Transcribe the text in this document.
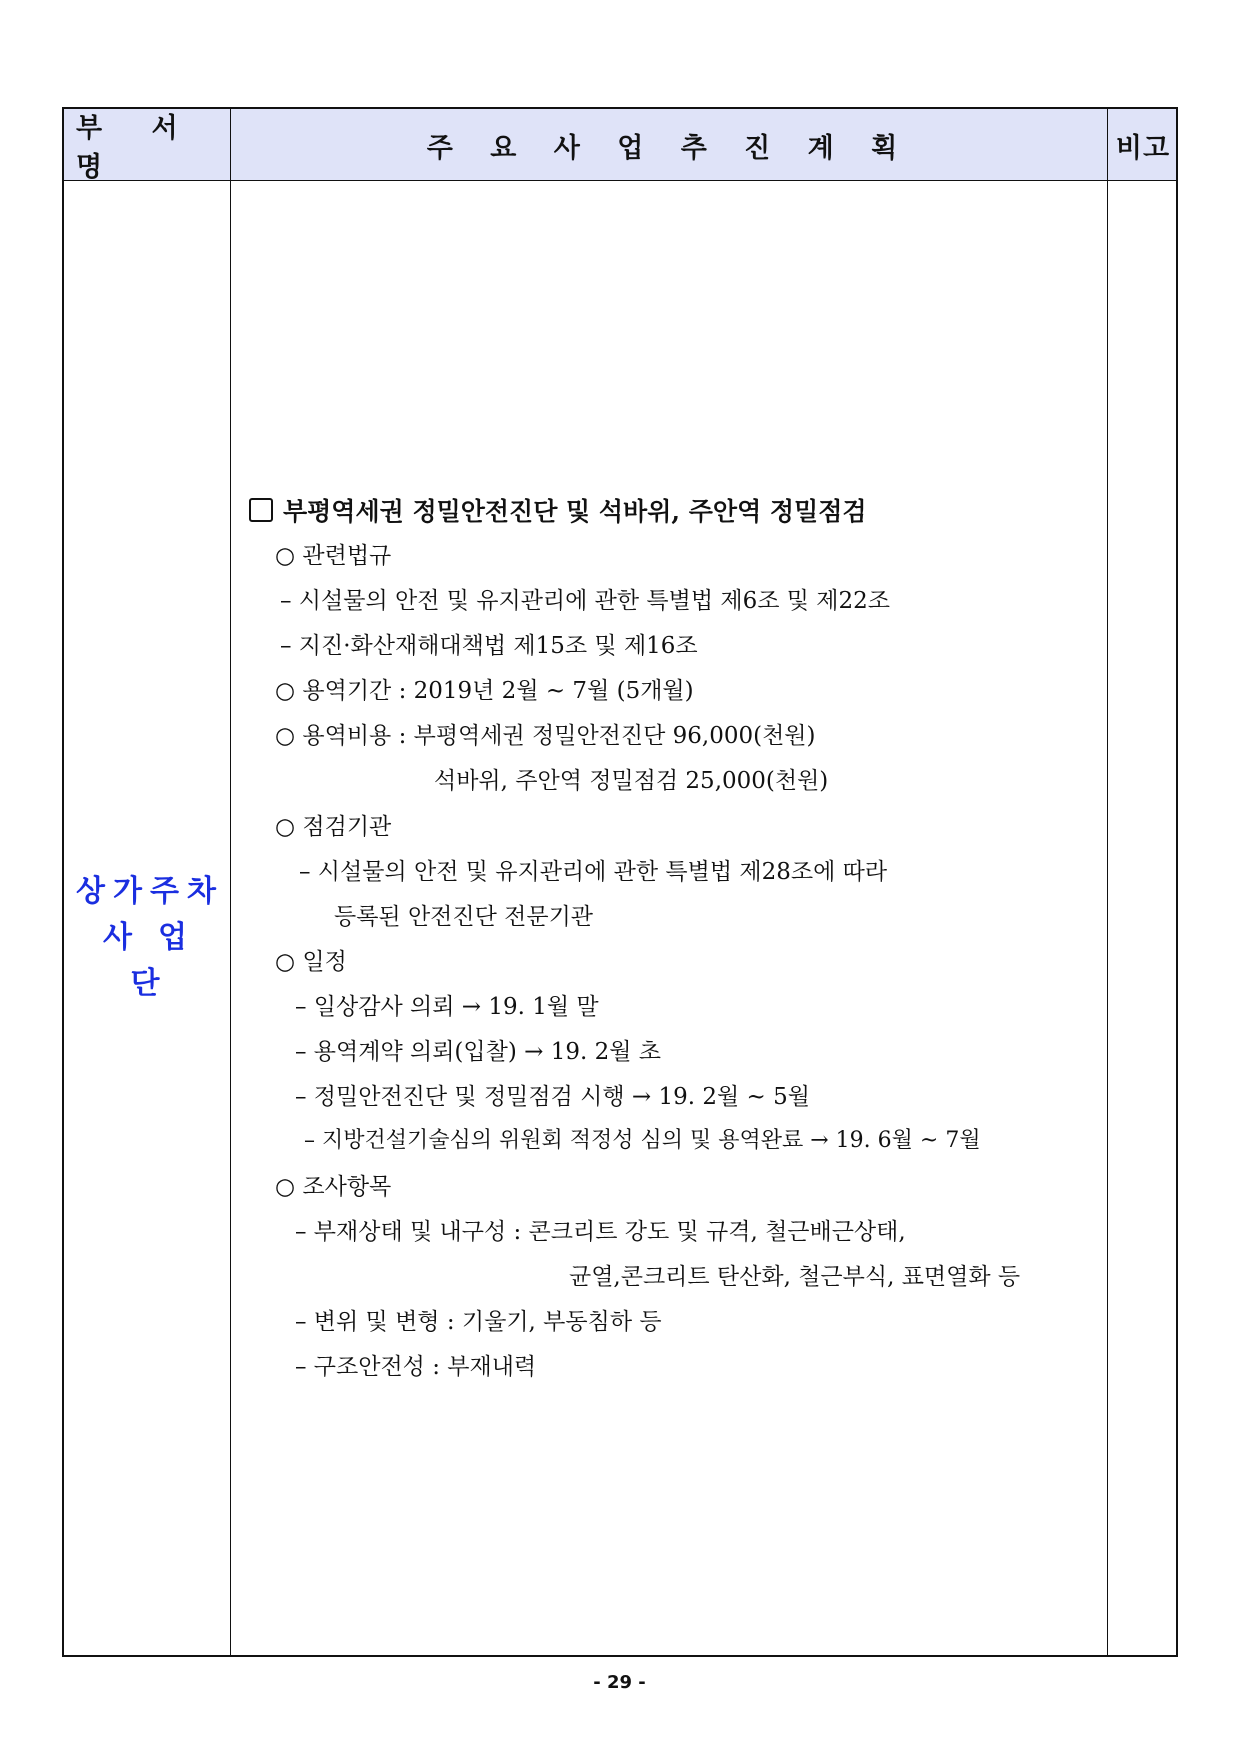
부 서 명
주 요 사 업 추 진 계 획	비고
상가주차
사업단
부평역세권 정밀안전진단 및 석바위, 주안역 정밀점검
○ 관련법규
– 시설물의 안전 및 유지관리에 관한 특별법 제6조 및 제22조
– 지진·화산재해대책법 제15조 및 제16조
○ 용역기간 : 2019년 2월 ~ 7월 (5개월)
○ 용역비용 : 부평역세권 정밀안전진단 96,000(천원)
석바위, 주안역 정밀점검 25,000(천원)
○ 점검기관
– 시설물의 안전 및 유지관리에 관한 특별법 제28조에 따라
등록된 안전진단 전문기관
○ 일정
– 일상감사 의뢰 → 19. 1월 말
– 용역계약 의뢰(입찰) → 19. 2월 초
– 정밀안전진단 및 정밀점검 시행 → 19. 2월 ~ 5월
– 지방건설기술심의 위원회 적정성 심의 및 용역완료 → 19. 6월 ~ 7월
○ 조사항목
– 부재상태 및 내구성 : 콘크리트 강도 및 규격, 철근배근상태,
균열,콘크리트 탄산화, 철근부식, 표면열화 등
– 변위 및 변형 : 기울기, 부동침하 등
– 구조안전성 : 부재내력
- 29 -
